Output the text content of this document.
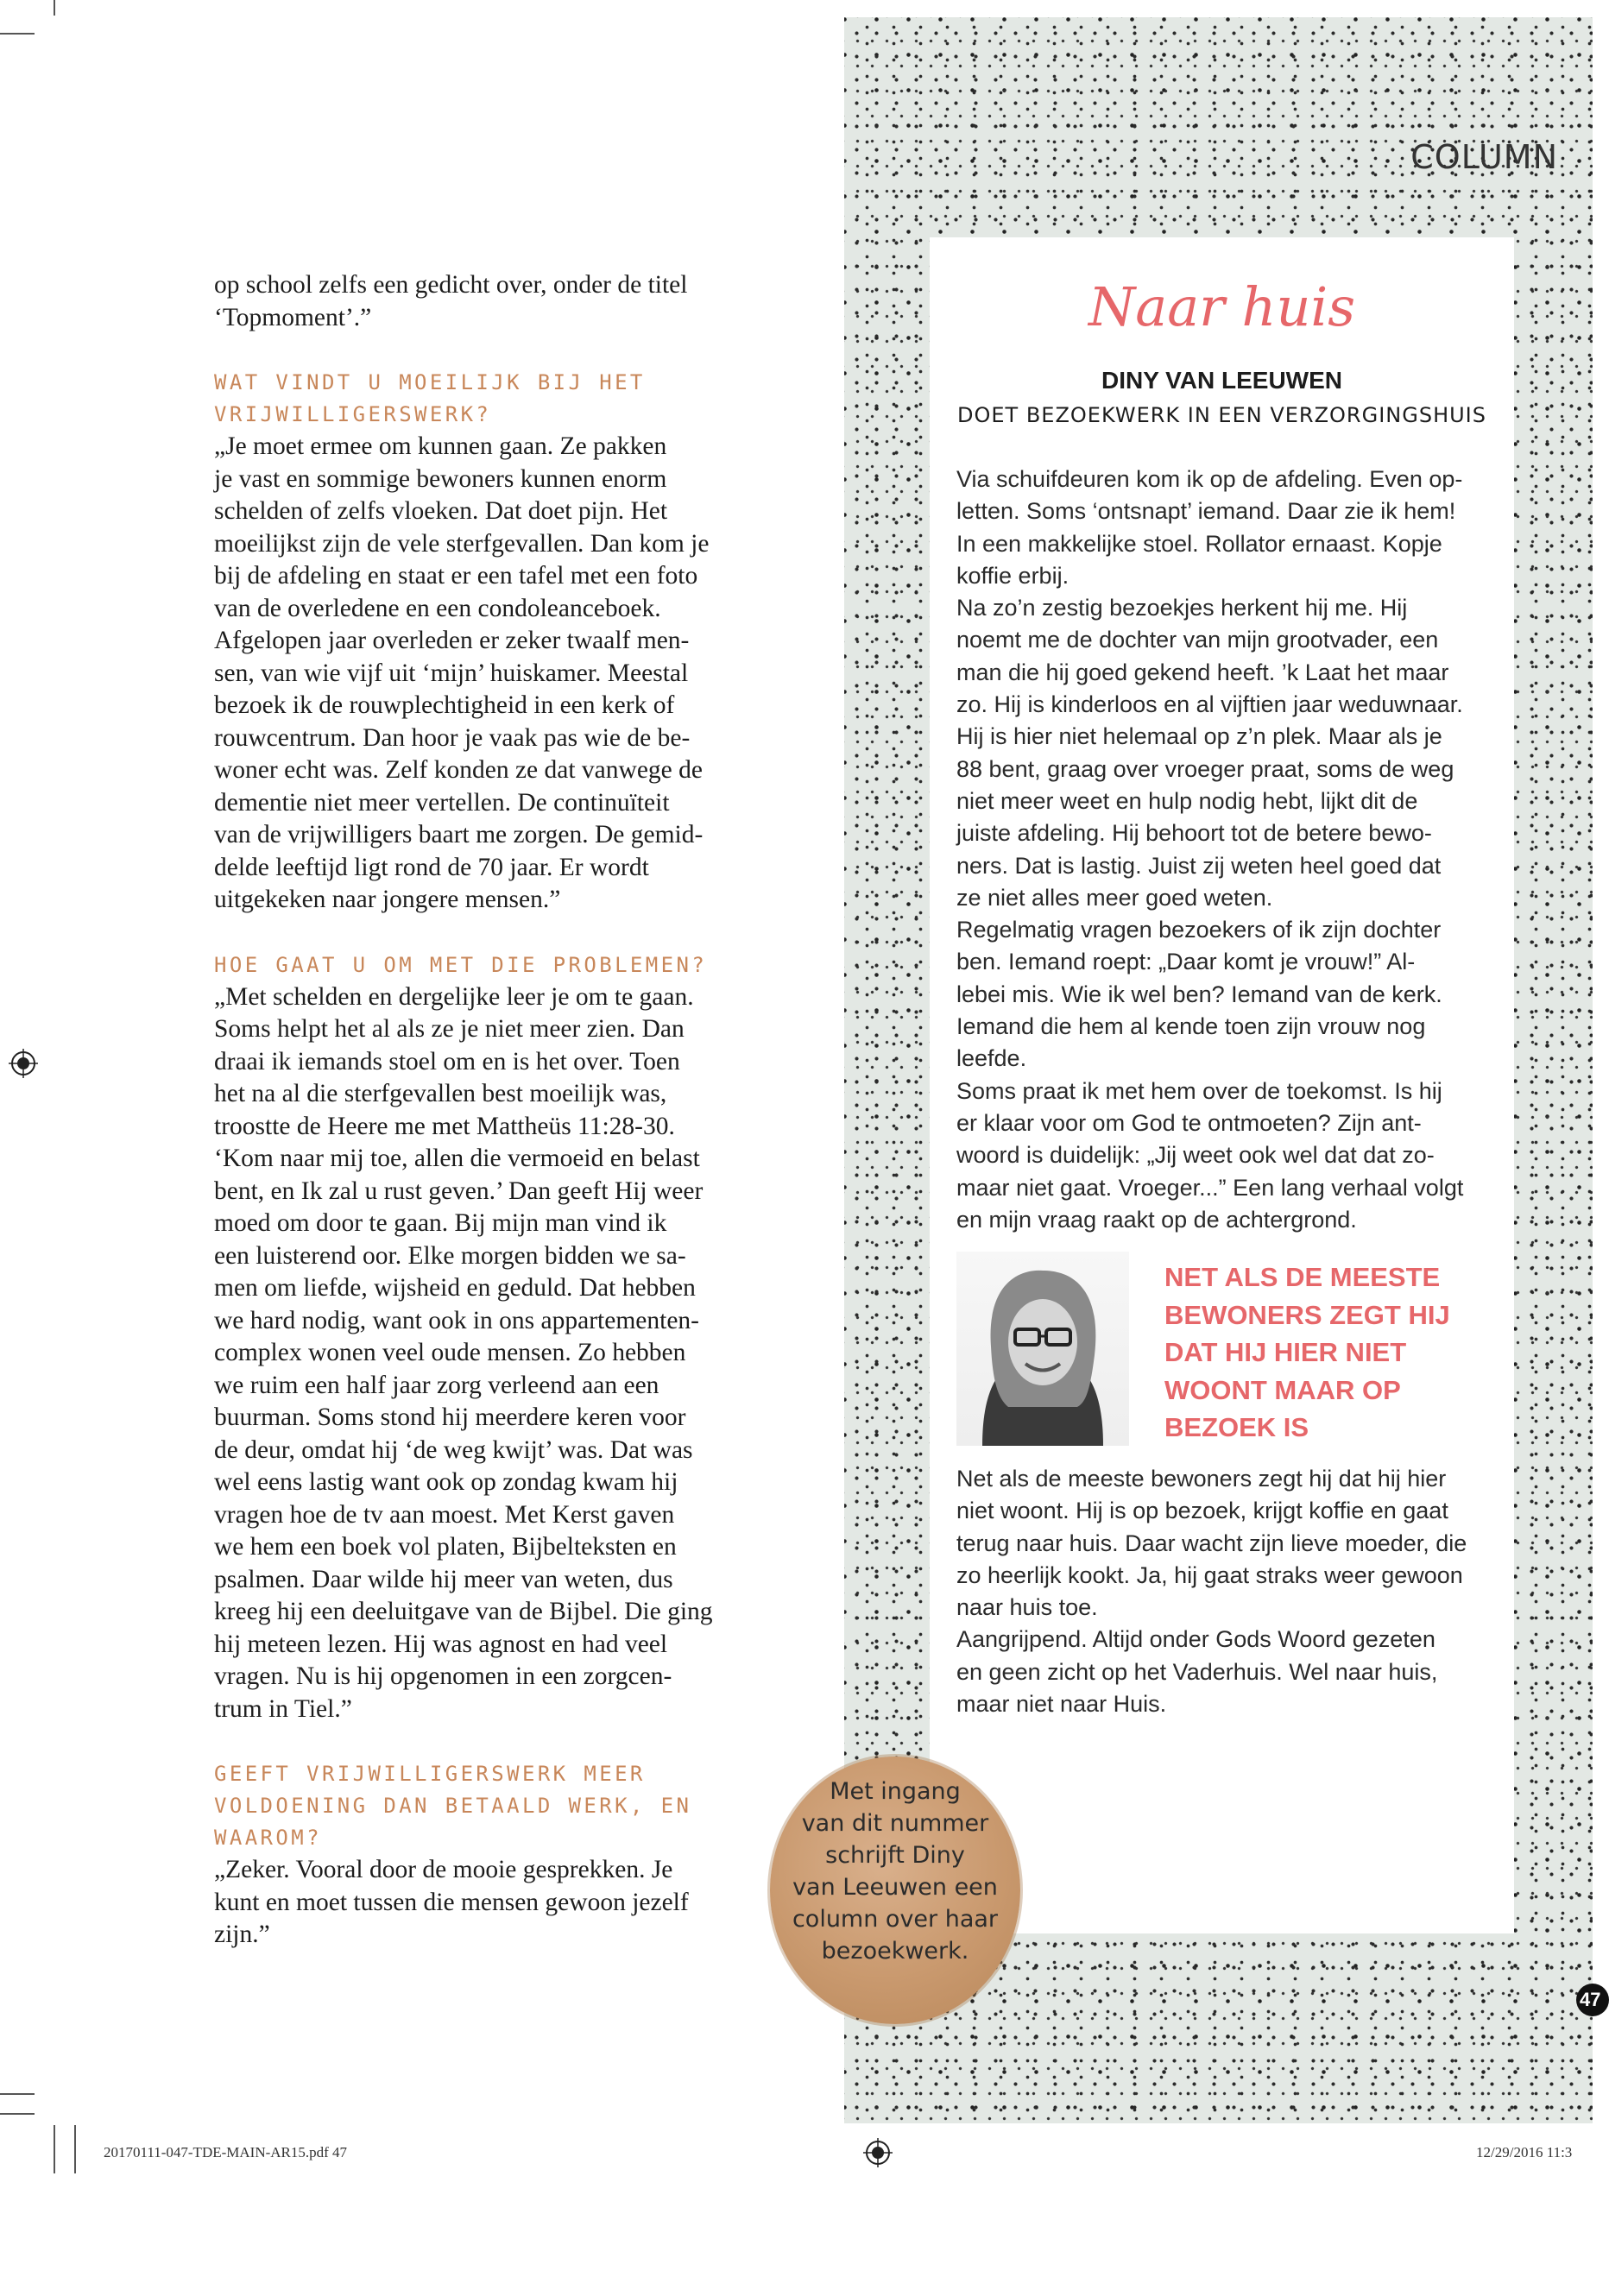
op school zelfs een gedicht over, onder de titel
‘Topmoment’.”

WAT VINDT U MOEILIJK BIJ HET
VRIJWILLIGERSWERK?

„Je moet ermee om kunnen gaan. Ze pakken
je vast en sommige bewoners kunnen enorm
schelden of zelfs vloeken. Dat doet pijn. Het
moeilijkst zijn de vele sterfgevallen. Dan kom je
bij de afdeling en staat er een tafel met een foto
van de overledene en een condoleanceboek.
Afgelopen jaar overleden er zeker twaalf men-
sen, van wie vijf uit ‘mijn’ huiskamer. Meestal
bezoek ik de rouwplechtigheid in een kerk of
rouwcentrum. Dan hoor je vaak pas wie de be-
woner echt was. Zelf konden ze dat vanwege de
dementie niet meer vertellen. De continuïteit
van de vrijwilligers baart me zorgen. De gemid-
delde leeftijd ligt rond de 70 jaar. Er wordt
uitgekeken naar jongere mensen.”

HOE GAAT U OM MET DIE PROBLEMEN?

„Met schelden en dergelijke leer je om te gaan.
Soms helpt het al als ze je niet meer zien. Dan
draai ik iemands stoel om en is het over. Toen
het na al die sterfgevallen best moeilijk was,
troostte de Heere me met Mattheüs 11:28-30.
‘Kom naar mij toe, allen die vermoeid en belast
bent, en Ik zal u rust geven.’ Dan geeft Hij weer
moed om door te gaan. Bij mijn man vind ik
een luisterend oor. Elke morgen bidden we sa-
men om liefde, wijsheid en geduld. Dat hebben
we hard nodig, want ook in ons appartementen-
complex wonen veel oude mensen. Zo hebben
we ruim een half jaar zorg verleend aan een
buurman. Soms stond hij meerdere keren voor
de deur, omdat hij ‘de weg kwijt’ was. Dat was
wel eens lastig want ook op zondag kwam hij
vragen hoe de tv aan moest. Met Kerst gaven
we hem een boek vol platen, Bijbelteksten en
psalmen. Daar wilde hij meer van weten, dus
kreeg hij een deeluitgave van de Bijbel. Die ging
hij meteen lezen. Hij was agnost en had veel
vragen. Nu is hij opgenomen in een zorgcen-
trum in Tiel.”

GEEFT VRIJWILLIGERSWERK MEER
VOLDOENING DAN BETAALD WERK, EN
WAAROM?

„Zeker. Vooral door de mooie gesprekken. Je
kunt en moet tussen die mensen gewoon jezelf
zijn.”

COLUMN
Naar huis
DINY VAN LEEUWEN
DOET BEZOEKWERK IN EEN VERZORGINGSHUIS
Via schuifdeuren kom ik op de afdeling. Even op-
letten. Soms ‘ontsnapt’ iemand. Daar zie ik hem!
In een makkelijke stoel. Rollator ernaast. Kopje
koffie erbij.
Na zo’n zestig bezoekjes herkent hij me. Hij
noemt me de dochter van mijn grootvader, een
man die hij goed gekend heeft. ’k Laat het maar
zo. Hij is kinderloos en al vijftien jaar weduwnaar.
Hij is hier niet helemaal op z’n plek. Maar als je
88 bent, graag over vroeger praat, soms de weg
niet meer weet en hulp nodig hebt, lijkt dit de
juiste afdeling. Hij behoort tot de betere bewo-
ners. Dat is lastig. Juist zij weten heel goed dat
ze niet alles meer goed weten.
Regelmatig vragen bezoekers of ik zijn dochter
ben. Iemand roept: „Daar komt je vrouw!” Al-
lebei mis. Wie ik wel ben? Iemand van de kerk.
Iemand die hem al kende toen zijn vrouw nog
leefde.
Soms praat ik met hem over de toekomst. Is hij
er klaar voor om God te ontmoeten? Zijn ant-
woord is duidelijk: „Jij weet ook wel dat dat zo-
maar niet gaat. Vroeger...” Een lang verhaal volgt
en mijn vraag raakt op de achtergrond.
NET ALS DE MEESTE
BEWONERS ZEGT HIJ
DAT HIJ HIER NIET
WOONT MAAR OP
BEZOEK IS
Net als de meeste bewoners zegt hij dat hij hier
niet woont. Hij is op bezoek, krijgt koffie en gaat
terug naar huis. Daar wacht zijn lieve moeder, die
zo heerlijk kookt. Ja, hij gaat straks weer gewoon
naar huis toe.
Aangrijpend. Altijd onder Gods Woord gezeten
en geen zicht op het Vaderhuis. Wel naar huis,
maar niet naar Huis.
Met ingang
van dit nummer
schrijft Diny
van Leeuwen een
column over haar
bezoekwerk.
47
20170111-047-TDE-MAIN-AR15.pdf 47	12/29/2016 11:3
